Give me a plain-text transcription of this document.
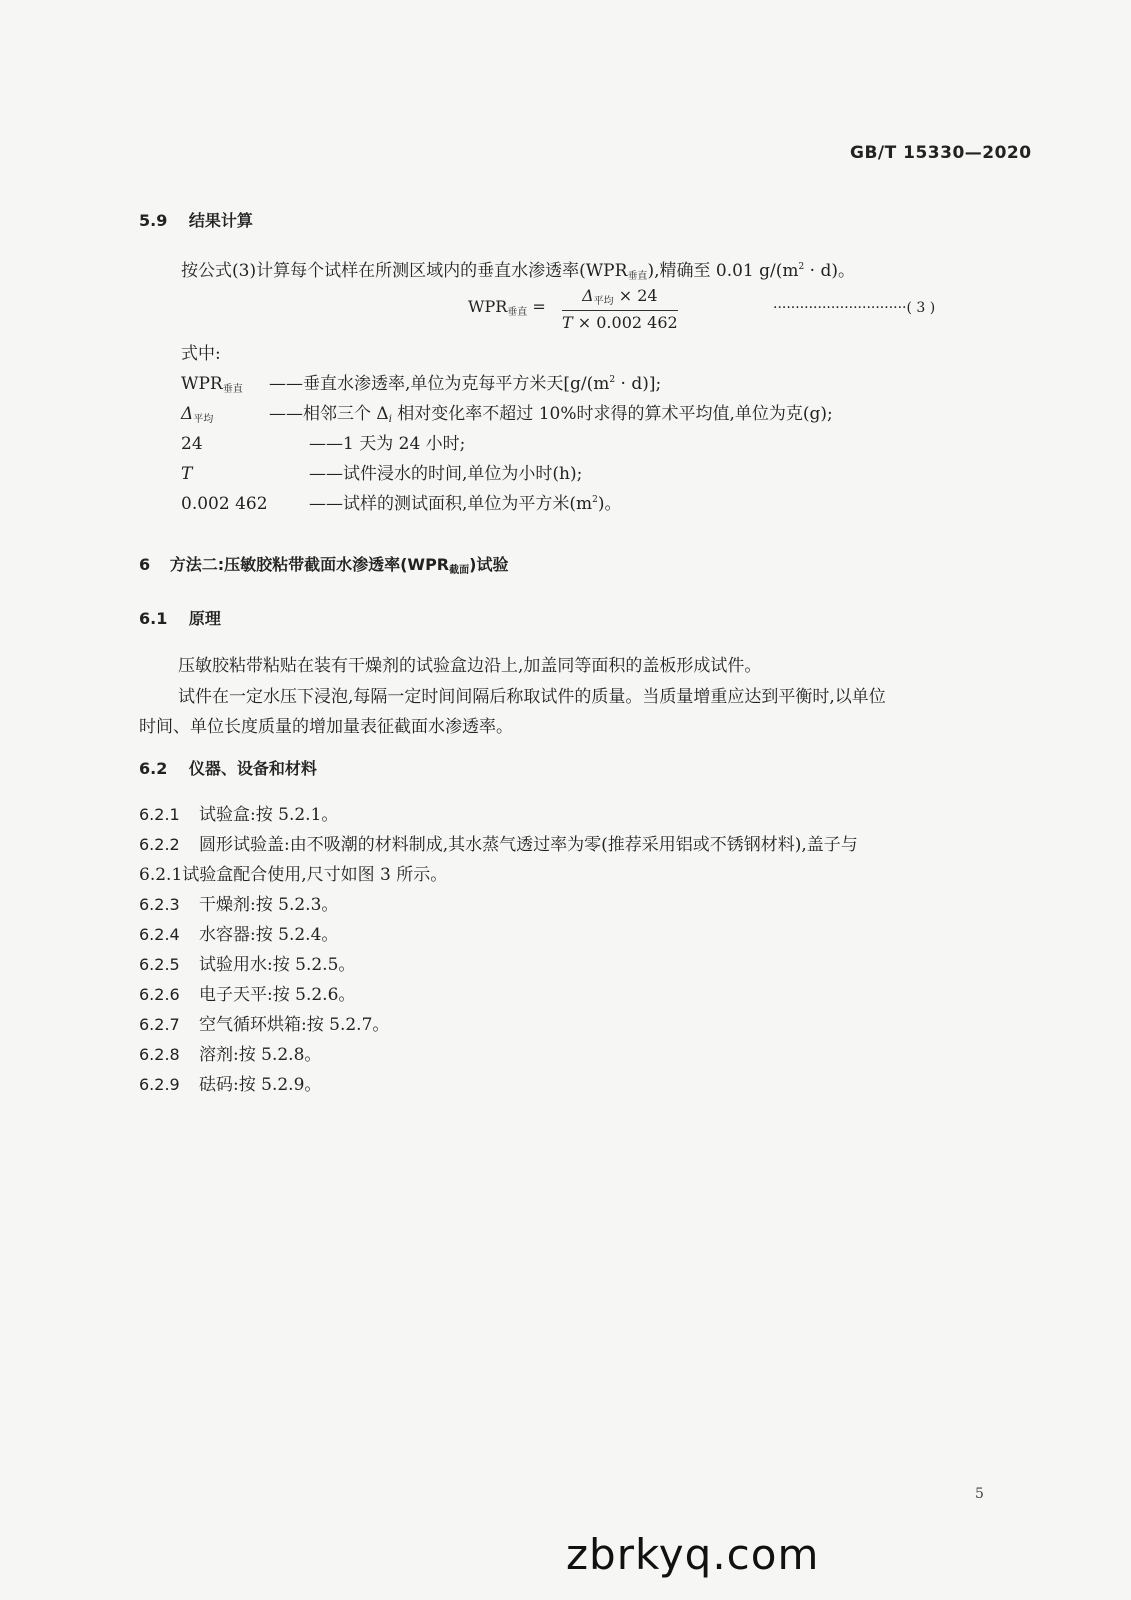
GB/T 15330—2020
5.9 结果计算
按公式(3)计算每个试样在所测区域内的垂直水渗透率$(WPR_{垂直})$,精确至 0.01 $g/(m^2 \cdot d)$。
$WPR_{垂直}$ =
$\Delta_{平均} \times 24$
T × 0.002 462
······························( 3 )
式中:
$WPR_{垂直}$ ——垂直水渗透率,单位为克每平方米天$[g/(m^2 \cdot d)]$;
$\Delta_{平均}$	——相邻三个 $\Delta_i$ 相对变化率不超过 10%时求得的算术平均值,单位为克(g);
24	——1 天为 24 小时;
T	——试件浸水的时间,单位为小时(h);
0.002 462 ——试样的测试面积,单位为平方米$(m^2)$。
6 方法二:压敏胶粘带截面水渗透率$(WPR_{截面})$试验
6.1 原理
压敏胶粘带粘贴在装有干燥剂的试验盒边沿上,加盖同等面积的盖板形成试件。
试件在一定水压下浸泡,每隔一定时间间隔后称取试件的质量。当质量增重应达到平衡时,以单位
时间、单位长度质量的增加量表征截面水渗透率。
6.2 仪器、设备和材料
6.2.1 试验盒:按 5.2.1。
6.2.2 圆形试验盖:由不吸潮的材料制成,其水蒸气透过率为零(推荐采用铝或不锈钢材料),盖子与
6.2.1试验盒配合使用,尺寸如图 3 所示。
6.2.3 干燥剂:按 5.2.3。
6.2.4 水容器:按 5.2.4。
6.2.5 试验用水:按 5.2.5。
6.2.6 电子天平:按 5.2.6。
6.2.7 空气循环烘箱:按 5.2.7。
6.2.8 溶剂:按 5.2.8。
6.2.9 砝码:按 5.2.9。
5
zbrkyq.com
